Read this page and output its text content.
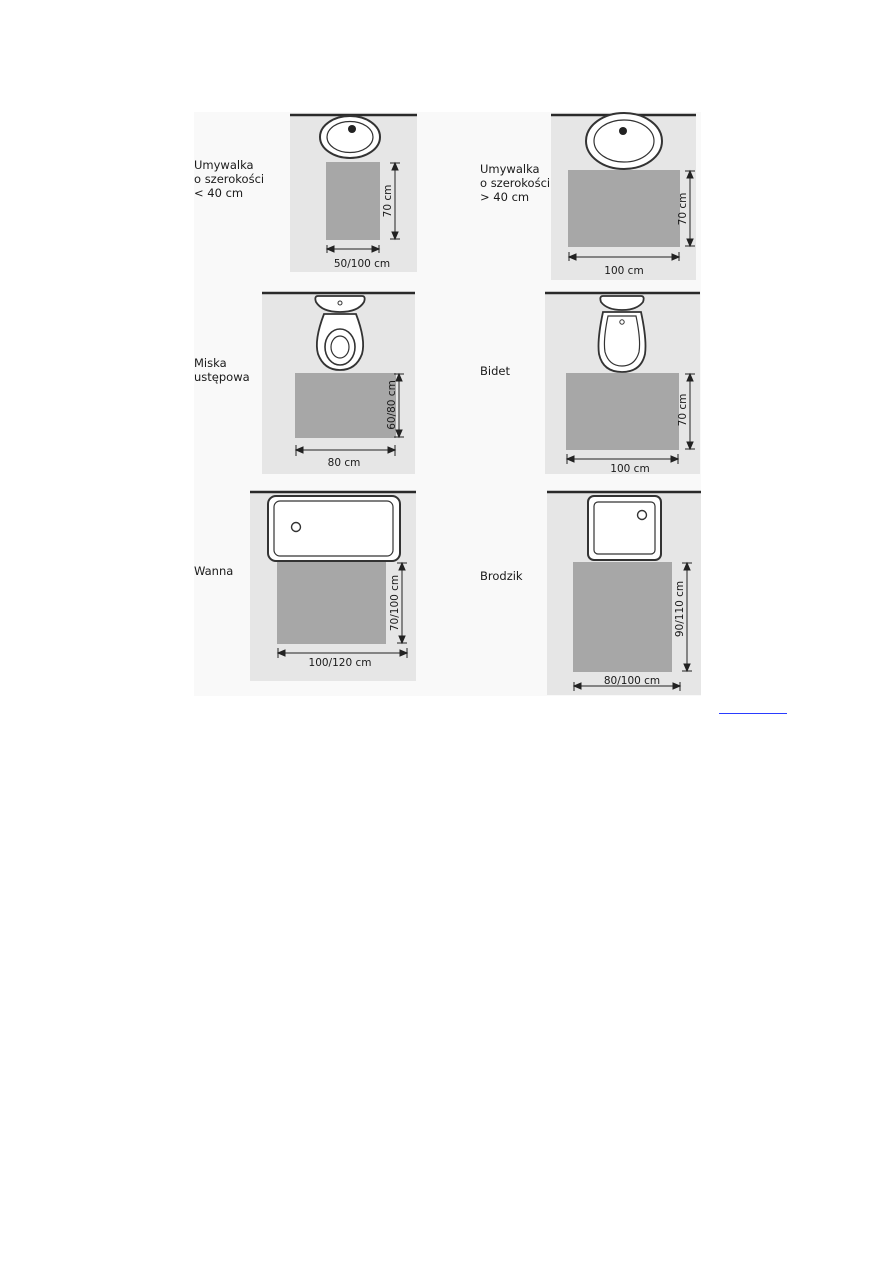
Umywalka
o szerokości
< 40 cm
Umywalka
o szerokości
> 40 cm
Miska
ustępowa	Bidet
Wanna	Brodzik
70 cm
50/100 cm
70 cm
100 cm
60/80 cm
80 cm
70 cm
100 cm
70/100 cm
100/120 cm
90/110 cm
80/100 cm
